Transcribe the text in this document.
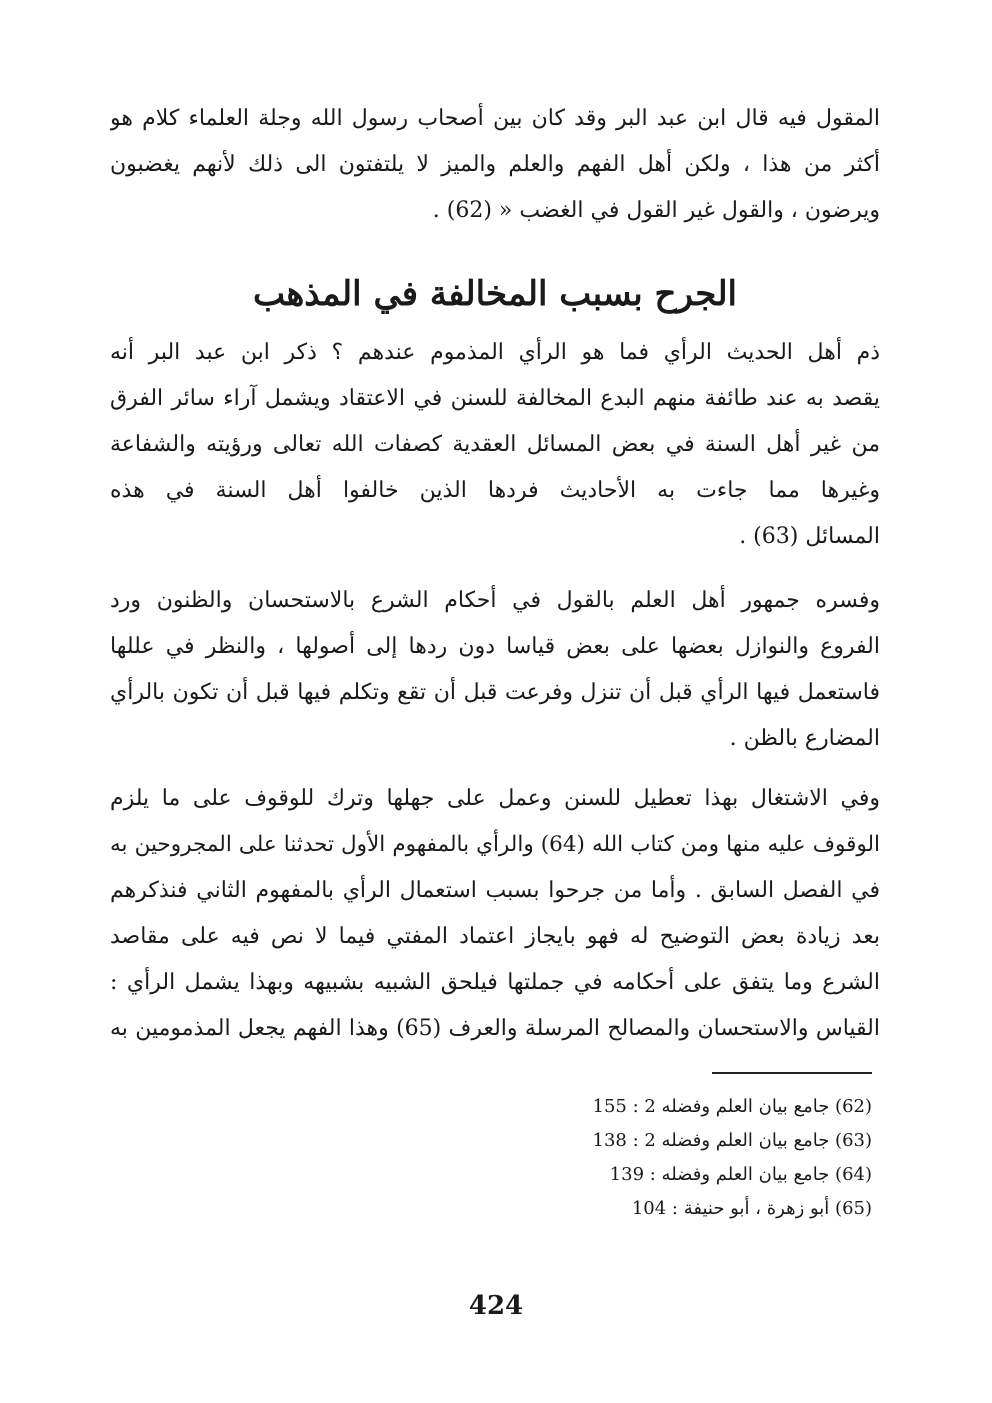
المقول فيه قال ابن عبد البر وقد كان بين أصحاب رسول الله وجلة العلماء كلام هو
أكثر من هذا ، ولكن أهل الفهم والعلم والميز لا يلتفتون الى ذلك لأنهم يغضبون
ويرضون ، والقول غير القول في الغضب « (62) .
الجرح بسبب المخالفة في المذهب
ذم أهل الحديث الرأي فما هو الرأي المذموم عندهم ؟ ذكر ابن عبد البر أنه
يقصد به عند طائفة منهم البدع المخالفة للسنن في الاعتقاد ويشمل آراء سائر الفرق
من غير أهل السنة في بعض المسائل العقدية كصفات الله تعالى ورؤيته والشفاعة
وغيرها مما جاءت به الأحاديث فردها الذين خالفوا أهل السنة في هذه
المسائل (63) .
وفسره جمهور أهل العلم بالقول في أحكام الشرع بالاستحسان والظنون ورد
الفروع والنوازل بعضها على بعض قياسا دون ردها إلى أصولها ، والنظر في عللها
فاستعمل فيها الرأي قبل أن تنزل وفرعت قبل أن تقع وتكلم فيها قبل أن تكون بالرأي
المضارع بالظن .
وفي الاشتغال بهذا تعطيل للسنن وعمل على جهلها وترك للوقوف على ما يلزم
الوقوف عليه منها ومن كتاب الله (64) والرأي بالمفهوم الأول تحدثنا على المجروحين به
في الفصل السابق . وأما من جرحوا بسبب استعمال الرأي بالمفهوم الثاني فنذكرهم
بعد زيادة بعض التوضيح له فهو بايجاز اعتماد المفتي فيما لا نص فيه على مقاصد
الشرع وما يتفق على أحكامه في جملتها فيلحق الشبيه بشبيهه وبهذا يشمل الرأي :
القياس والاستحسان والمصالح المرسلة والعرف (65) وهذا الفهم يجعل المذمومين به
(62) جامع بيان العلم وفضله 2 : 155
(63) جامع بيان العلم وفضله 2 : 138
(64) جامع بيان العلم وفضله : 139
(65) أبو زهرة ، أبو حنيفة : 104
424
